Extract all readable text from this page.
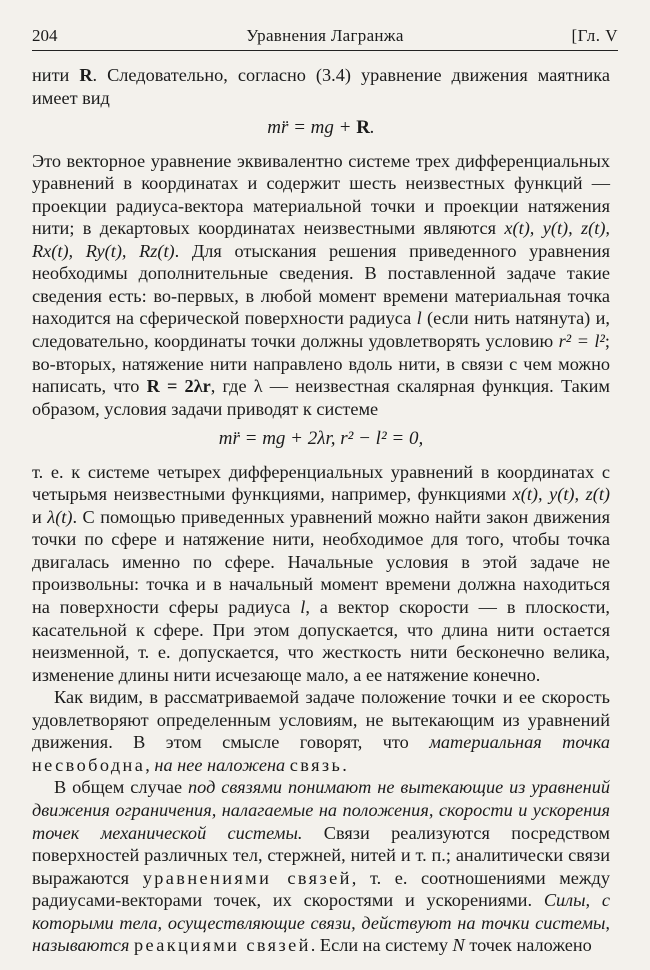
204	Уравнения Лагранжа	[Гл. V

нити R. Следовательно, согласно (3.4) уравнение движения маятника имеет вид

mr̈ = mg + R.

Это векторное уравнение эквивалентно системе трех дифференциальных уравнений в координатах и содержит шесть неизвестных функций — проекции радиуса-вектора материальной точки и проекции натяжения нити; в декартовых координатах неизвестными являются x(t), y(t), z(t), Rx(t), Ry(t), Rz(t). Для отыскания решения приведенного уравнения необходимы дополнительные сведения. В поставленной задаче такие сведения есть: во-первых, в любой момент времени материальная точка находится на сферической поверхности радиуса l (если нить натянута) и, следовательно, координаты точки должны удовлетворять условию r² = l²; во-вторых, натяжение нити направлено вдоль нити, в связи с чем можно написать, что R = 2λr, где λ — неизвестная скалярная функция. Таким образом, условия задачи приводят к системе

mr̈ = mg + 2λr, r² − l² = 0,

т. е. к системе четырех дифференциальных уравнений в координатах с четырьмя неизвестными функциями, например, функциями x(t), y(t), z(t) и λ(t). С помощью приведенных уравнений можно найти закон движения точки по сфере и натяжение нити, необходимое для того, чтобы точка двигалась именно по сфере. Начальные условия в этой задаче не произвольны: точка и в начальный момент времени должна находиться на поверхности сферы радиуса l, а вектор скорости — в плоскости, касательной к сфере. При этом допускается, что длина нити остается неизменной, т. е. допускается, что жесткость нити бесконечно велика, изменение длины нити исчезающе мало, а ее натяжение конечно.

Как видим, в рассматриваемой задаче положение точки и ее скорость удовлетворяют определенным условиям, не вытекающим из уравнений движения. В этом смысле говорят, что материальная точка несвободна, на нее наложена связь.

В общем случае под связями понимают не вытекающие из уравнений движения ограничения, налагаемые на положения, скорости и ускорения точек механической системы. Связи реализуются посредством поверхностей различных тел, стержней, нитей и т. п.; аналитически связи выражаются уравнениями связей, т. е. соотношениями между радиусами-векторами точек, их скоростями и ускорениями. Силы, с которыми тела, осуществляющие связи, действуют на точки системы, называются реакциями связей. Если на систему N точек наложено
